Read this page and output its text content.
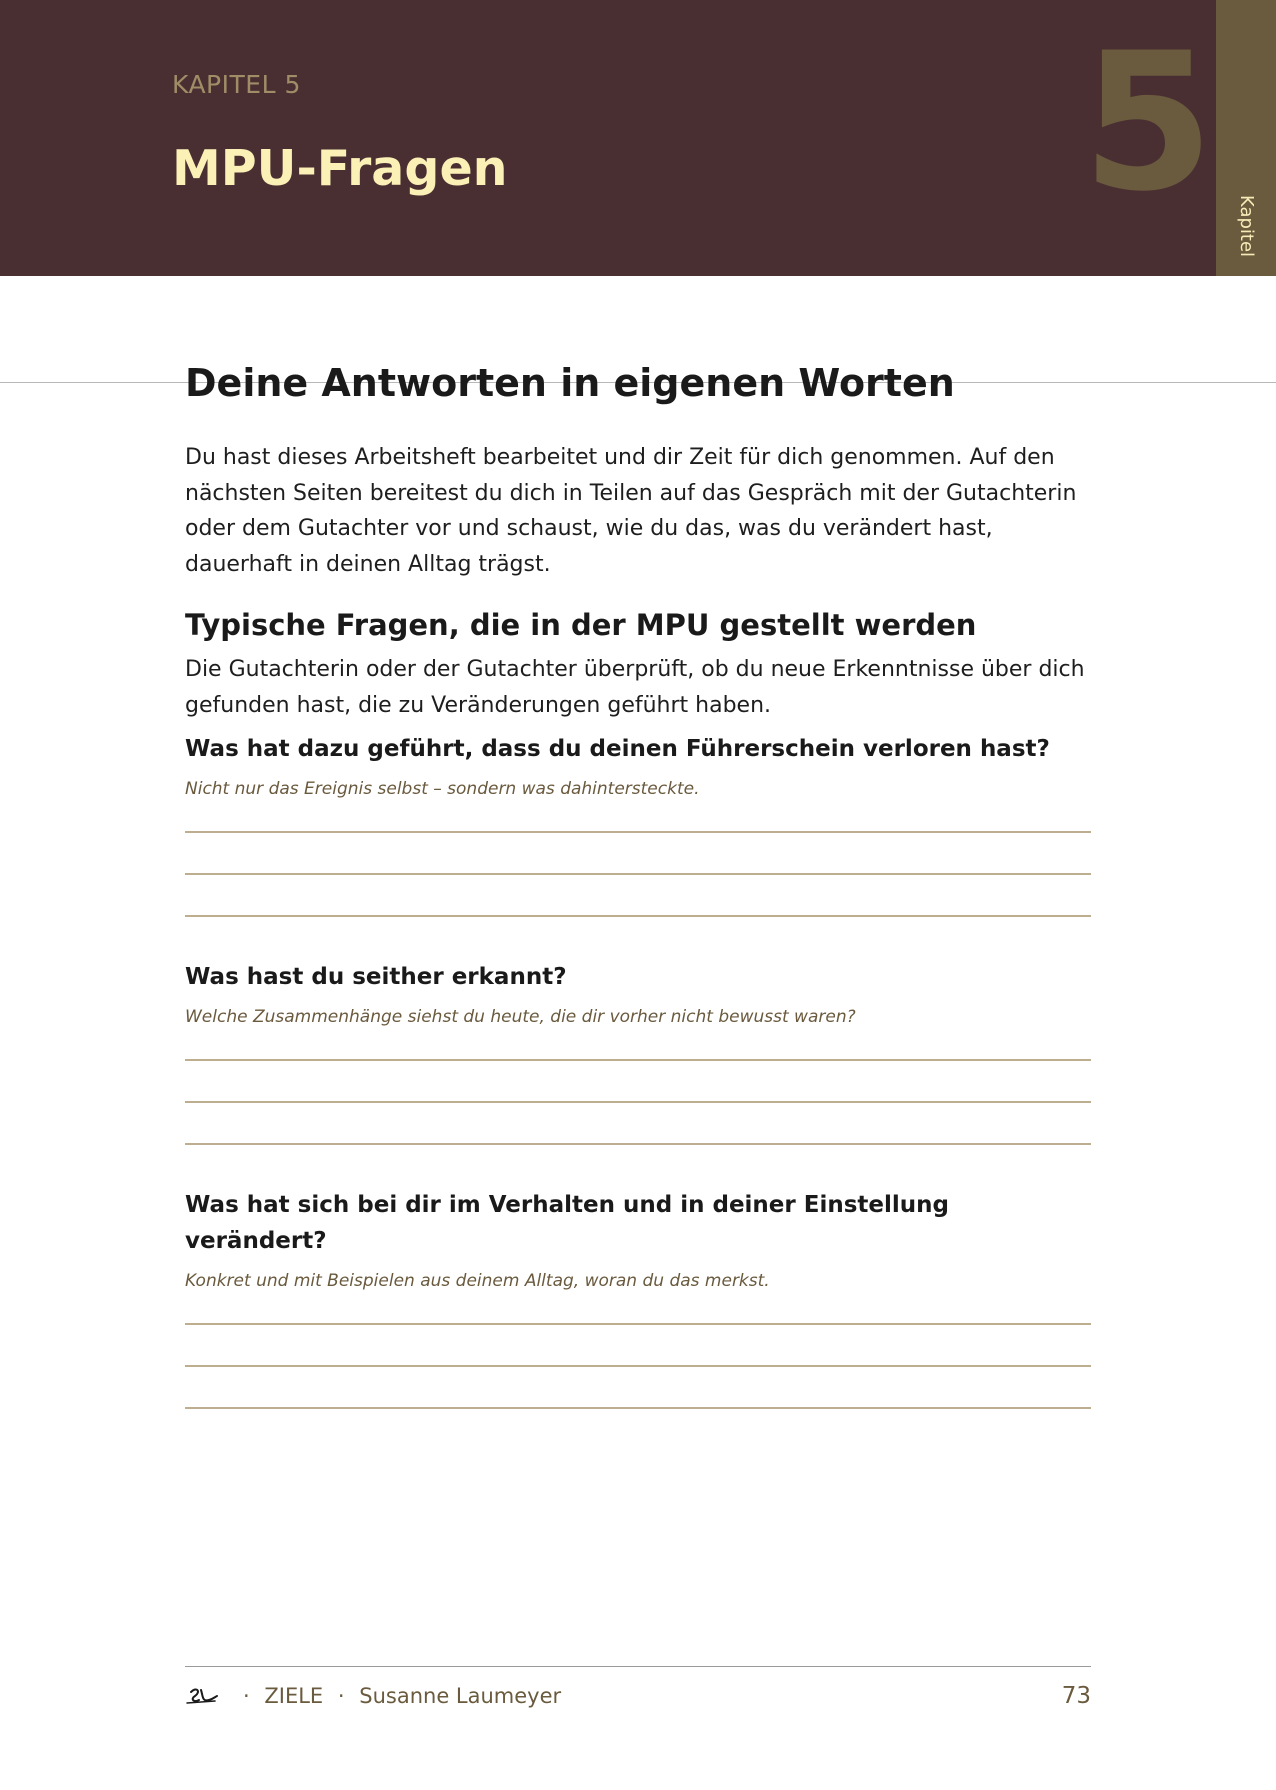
KAPITEL 5
MPU-Fragen	5 Kapitel
Deine Antworten in eigenen Worten

Du hast dieses Arbeitsheft bearbeitet und dir Zeit für dich genommen. Auf den nächsten Seiten bereitest du dich in Teilen auf das Gespräch mit der Gutachterin oder dem Gutachter vor und schaust, wie du das, was du verändert hast, dauerhaft in deinen Alltag trägst.

Typische Fragen, die in der MPU gestellt werden

Die Gutachterin oder der Gutachter überprüft, ob du neue Erkenntnisse über dich gefunden hast, die zu Veränderungen geführt haben.

Was hat dazu geführt, dass du deinen Führerschein verloren hast?

Nicht nur das Ereignis selbst – sondern was dahintersteckte.

Was hast du seither erkannt?

Welche Zusammenhänge siehst du heute, die dir vorher nicht bewusst waren?

Was hat sich bei dir im Verhalten und in deiner Einstellung verändert?

Konkret und mit Beispielen aus deinem Alltag, woran du das merkst.

· ZIELE · Susanne Laumeyer	73
